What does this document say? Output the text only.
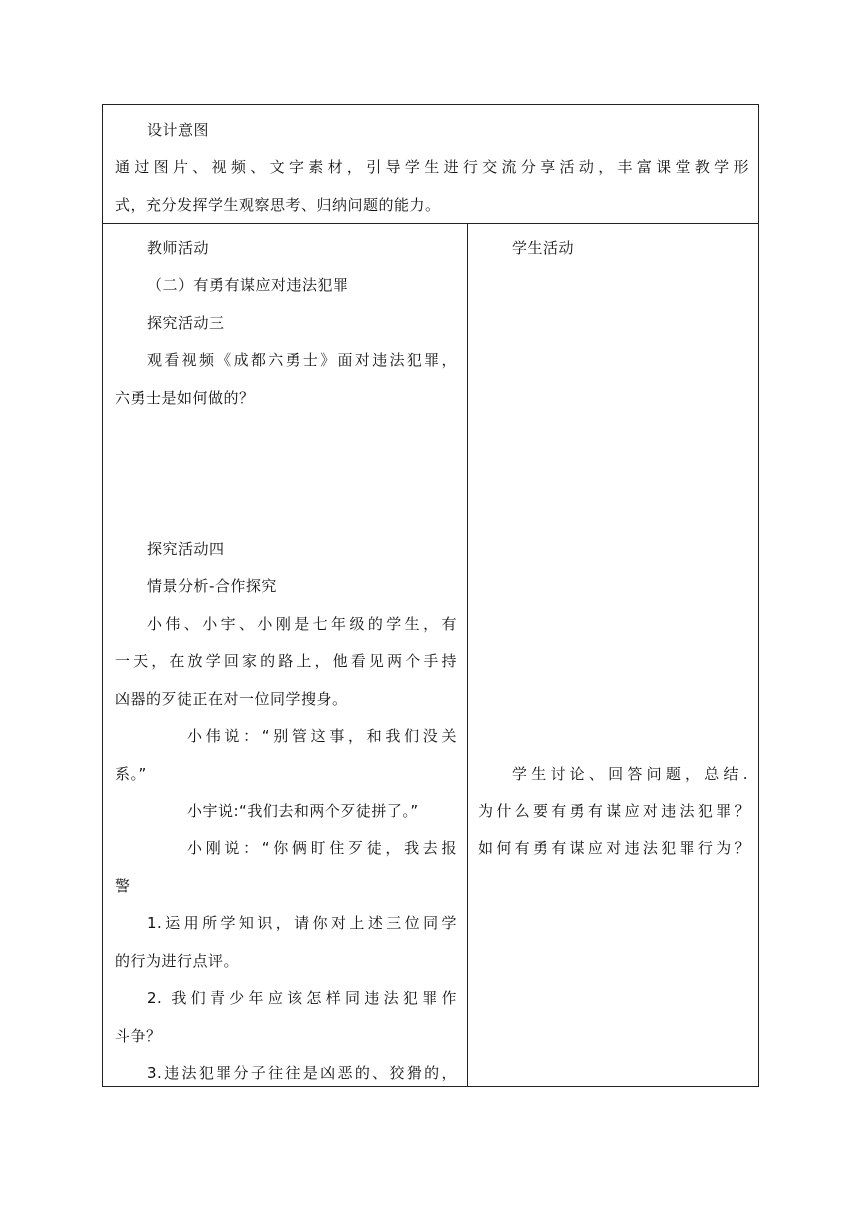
设计意图
通过图片、视频、文字素材，引导学生进行交流分享活动，丰富课堂教学形
式，充分发挥学生观察思考、归纳问题的能力。
教师活动
（二）有勇有谋应对违法犯罪
探究活动三
观看视频《成都六勇士》面对违法犯罪，
六勇士是如何做的？
探究活动四
情景分析-合作探究
小伟、小宇、小刚是七年级的学生，有
一天，在放学回家的路上，他看见两个手持
凶器的歹徒正在对一位同学搜身。
小伟说：“别管这事，和我们没关
系。”
小宇说:“我们去和两个歹徒拼了。”
小刚说：“你俩盯住歹徒，我去报
警
1.运用所学知识，请你对上述三位同学
的行为进行点评。
2. 我们青少年应该怎样同违法犯罪作
斗争？
3.违法犯罪分子往往是凶恶的、狡猾的，
学生活动
学生讨论、回答问题，总结.
为什么要有勇有谋应对违法犯罪？
如何有勇有谋应对违法犯罪行为？
